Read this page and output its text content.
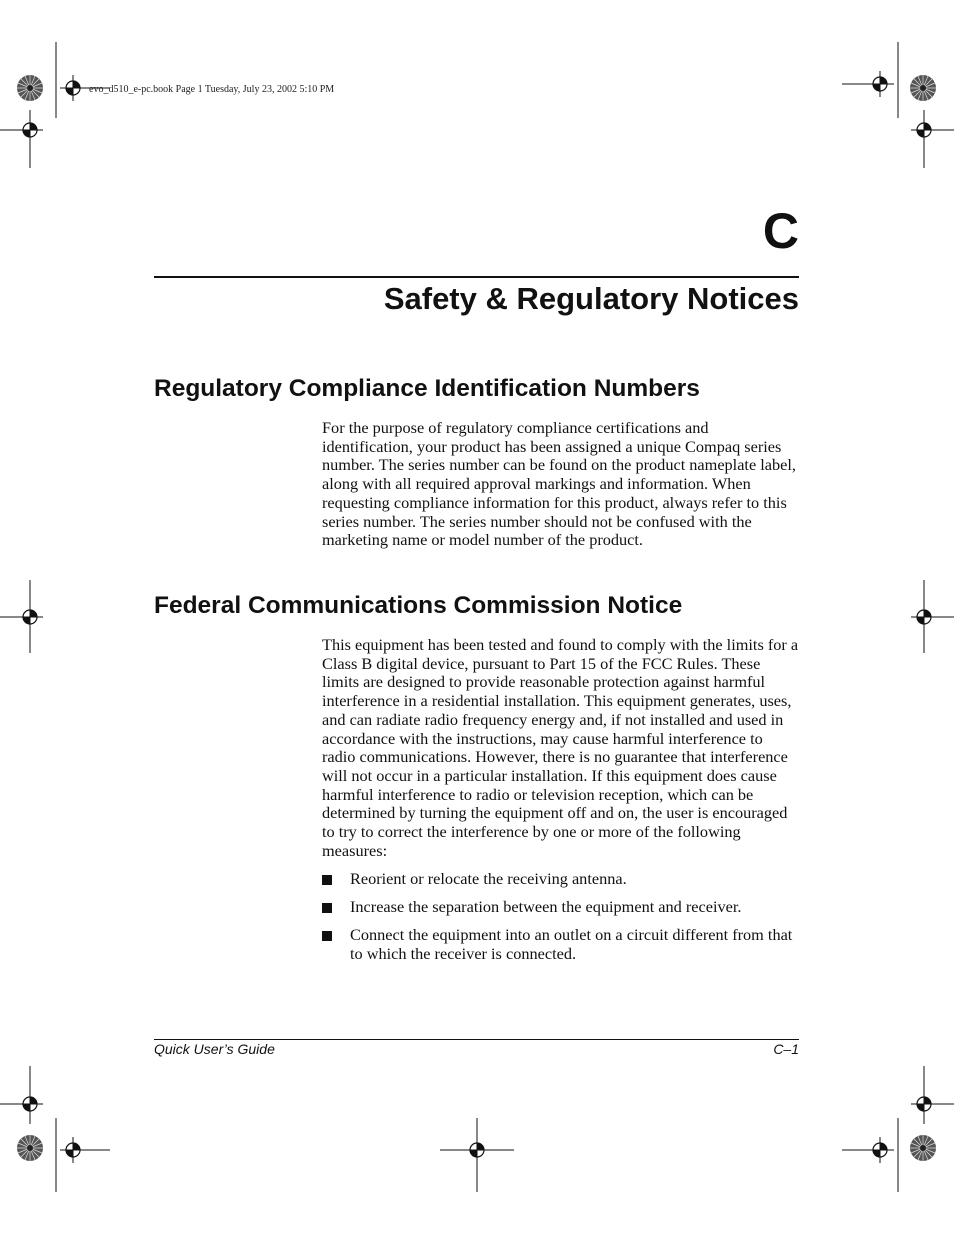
evo_d510_e-pc.book Page 1 Tuesday, July 23, 2002 5:10 PM
C
Safety & Regulatory Notices
Regulatory Compliance Identification Numbers

For the purpose of regulatory compliance certifications and identification, your product has been assigned a unique Compaq series number. The series number can be found on the product nameplate label, along with all required approval markings and information. When requesting compliance information for this product, always refer to this series number. The series number should not be confused with the marketing name or model number of the product.

Federal Communications Commission Notice

This equipment has been tested and found to comply with the limits for a Class B digital device, pursuant to Part 15 of the FCC Rules. These limits are designed to provide reasonable protection against harmful interference in a residential installation. This equipment generates, uses, and can radiate radio frequency energy and, if not installed and used in accordance with the instructions, may cause harmful interference to radio communications. However, there is no guarantee that interference will not occur in a particular installation. If this equipment does cause harmful interference to radio or television reception, which can be determined by turning the equipment off and on, the user is encouraged to try to correct the interference by one or more of the following measures:

Reorient or relocate the receiving antenna.
Increase the separation between the equipment and receiver.
Connect the equipment into an outlet on a circuit different from that to which the receiver is connected.
Quick User’s Guide	C–1
